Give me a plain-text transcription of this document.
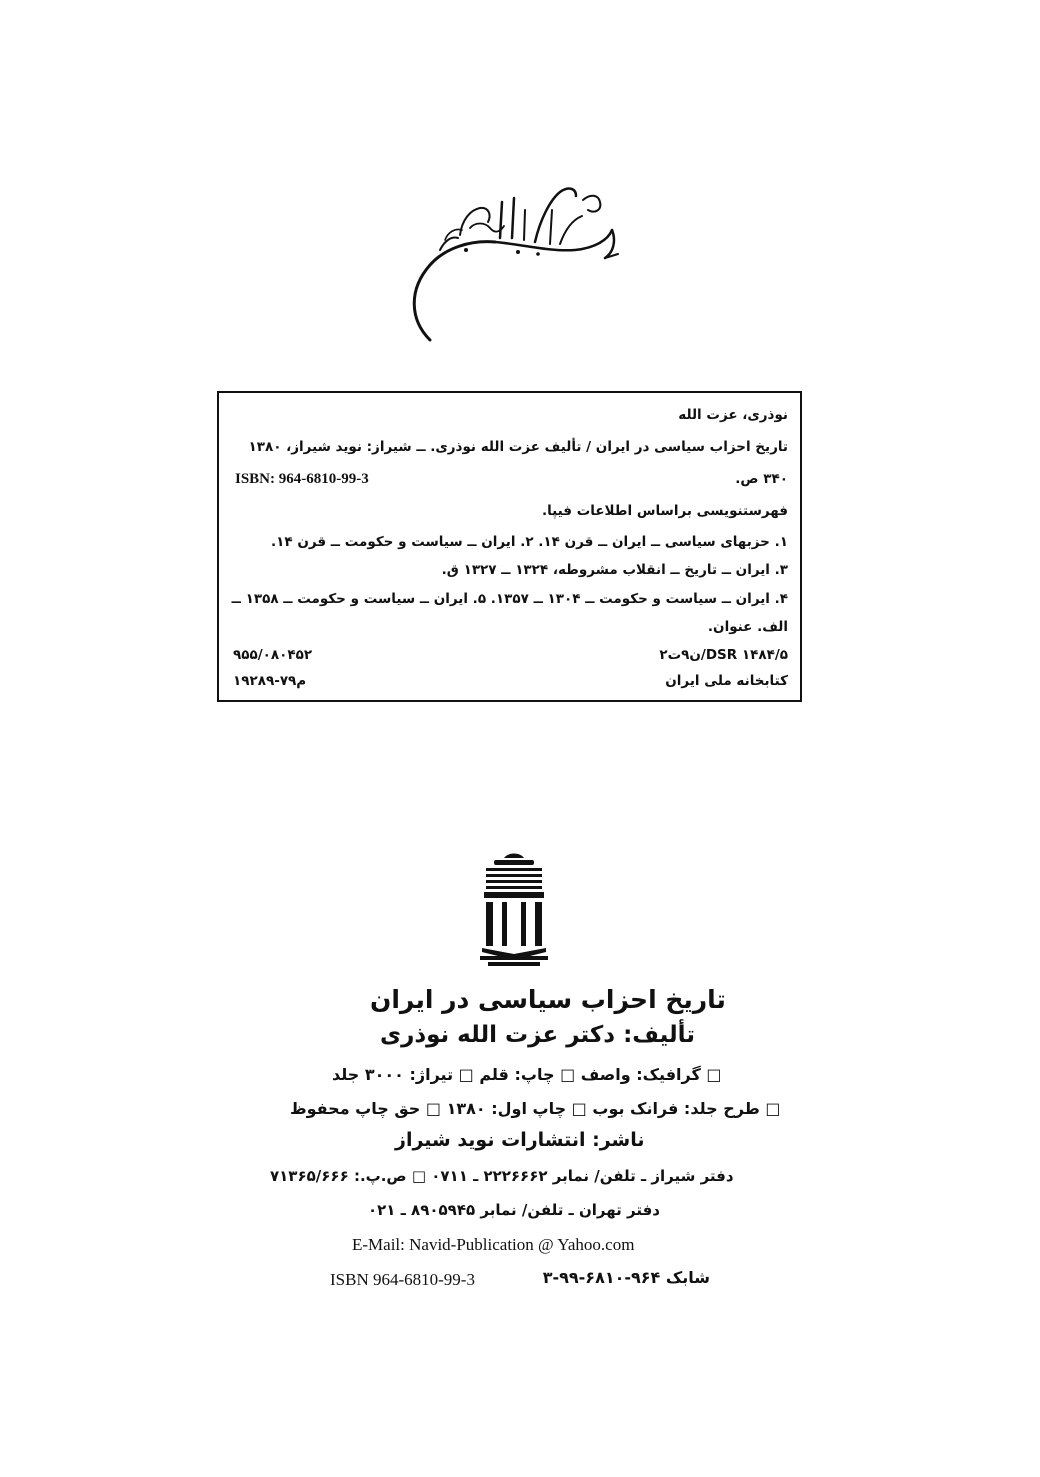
نوذری، عزت الله
تاریخ احزاب سیاسی در ایران / تألیف عزت الله نوذری. ــ شیراز: نوید شیراز، ۱۳۸۰
ISBN: 964-6810-99-3	۳۴۰ ص.
فهرستنویسی براساس اطلاعات فیپا.
۱. حزبهای سیاسی ــ ایران ــ قرن ۱۴. ۲. ایران ــ سیاست و حکومت ــ قرن ۱۴.
۳. ایران ــ تاریخ ــ انقلاب مشروطه، ۱۳۲۴ ــ ۱۳۲۷ ق.
۴. ایران ــ سیاست و حکومت ــ ۱۳۰۴ ــ ۱۳۵۷. ۵. ایران ــ سیاست و حکومت ــ ۱۳۵۸ ــ
الف. عنوان.
۹۵۵/۰۸۰۴۵۲	DSR ۱۴۸۴/۵/ن۹ت۲
م۷۹-۱۹۲۸۹	کتابخانه ملی ایران
تاریخ احزاب سیاسی در ایران
تألیف: دکتر عزت الله نوذری
□ گرافیک: واصف □ چاپ: قلم □ تیراژ: ۳۰۰۰ جلد
□ طرح جلد: فرانک بوب □ چاپ اول: ۱۳۸۰ □ حق چاپ محفوظ
ناشر: انتشارات نوید شیراز
دفتر شیراز ـ تلفن/ نمابر ۲۲۲۶۶۶۲ ـ ۰۷۱۱ □ ص.پ.: ۷۱۳۶۵/۶۶۶
دفتر تهران ـ تلفن/ نمابر ۸۹۰۵۹۴۵ ـ ۰۲۱
E-Mail: Navid-Publication @ Yahoo.com
ISBN 964-6810-99-3	شابک ۹۶۴-۶۸۱۰-۹۹-۳
